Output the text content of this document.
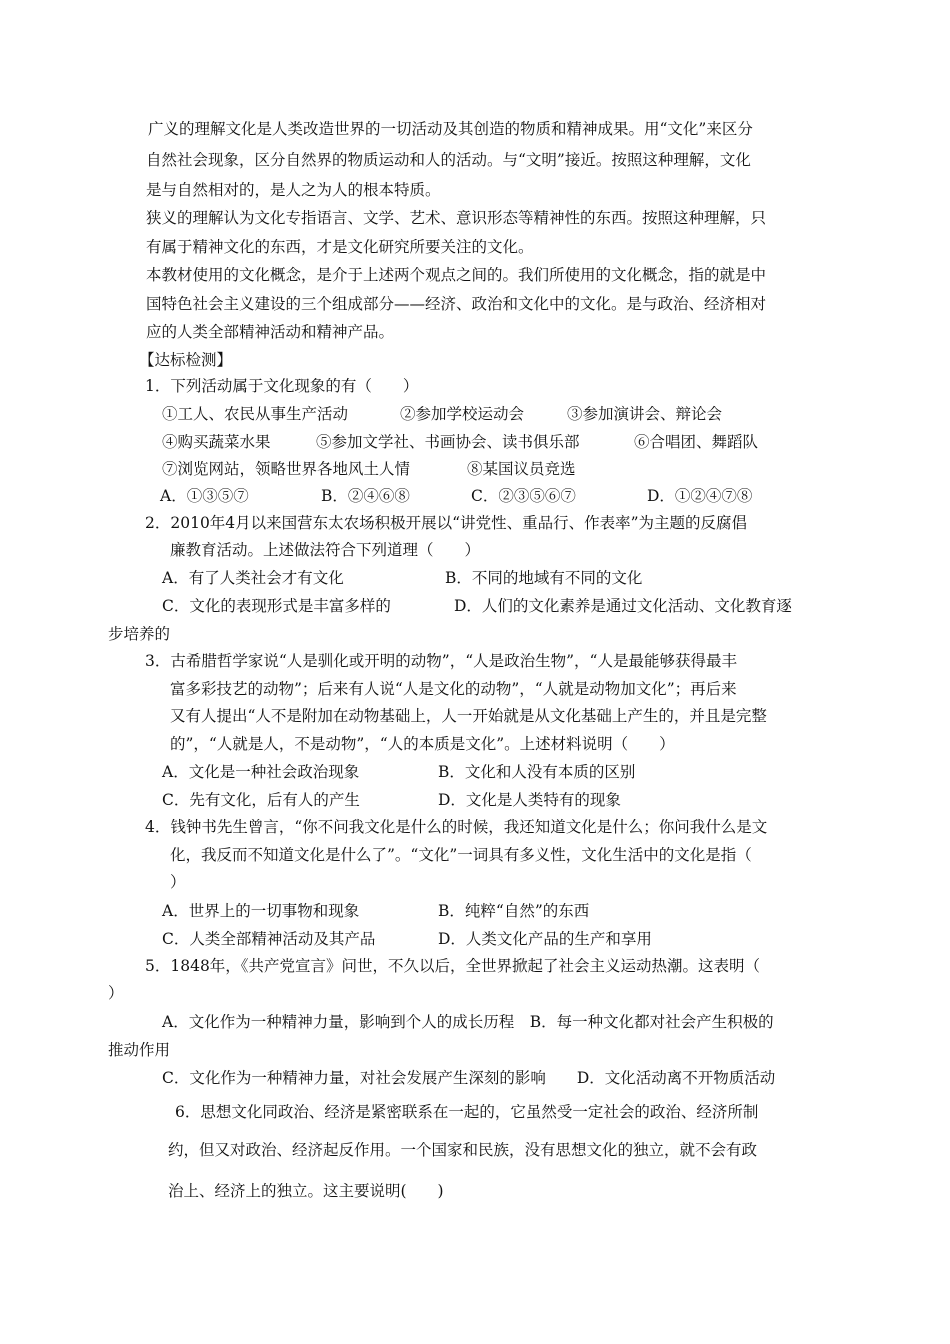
广义的理解文化是人类改造世界的一切活动及其创造的物质和精神成果。用“文化”来区分
自然社会现象，区分自然界的物质运动和人的活动。与“文明”接近。按照这种理解，文化
是与自然相对的，是人之为人的根本特质。
狭义的理解认为文化专指语言、文学、艺术、意识形态等精神性的东西。按照这种理解，只
有属于精神文化的东西，才是文化研究所要关注的文化。
本教材使用的文化概念，是介于上述两个观点之间的。我们所使用的文化概念，指的就是中
国特色社会主义建设的三个组成部分——经济、政治和文化中的文化。是与政治、经济相对
应的人类全部精神活动和精神产品。
【达标检测】
1．下列活动属于文化现象的有（　　）
①工人、农民从事生产活动	②参加学校运动会	③参加演讲会、辩论会
④购买蔬菜水果	⑤参加文学社、书画协会、读书俱乐部	⑥合唱团、舞蹈队
⑦浏览网站，领略世界各地风土人情	⑧某国议员竞选
A．①③⑤⑦	B．②④⑥⑧	C．②③⑤⑥⑦	D．①②④⑦⑧
2．2010年4月以来国营东太农场积极开展以“讲党性、重品行、作表率”为主题的反腐倡
廉教育活动。上述做法符合下列道理（　　）
A．有了人类社会才有文化	B．不同的地域有不同的文化
C．文化的表现形式是丰富多样的	D．人们的文化素养是通过文化活动、文化教育逐
步培养的
3．古希腊哲学家说“人是驯化或开明的动物”，“人是政治生物”，“人是最能够获得最丰
富多彩技艺的动物”；后来有人说“人是文化的动物”，“人就是动物加文化”；再后来
又有人提出“人不是附加在动物基础上，人一开始就是从文化基础上产生的，并且是完整
的”，“人就是人，不是动物”，“人的本质是文化”。上述材料说明（　　）
A．文化是一种社会政治现象	B．文化和人没有本质的区别
C．先有文化，后有人的产生	D．文化是人类特有的现象
4．钱钟书先生曾言，“你不问我文化是什么的时候，我还知道文化是什么；你问我什么是文
化，我反而不知道文化是什么了”。“文化”一词具有多义性，文化生活中的文化是指（
）
A．世界上的一切事物和现象	B．纯粹“自然”的东西
C．人类全部精神活动及其产品	D．人类文化产品的生产和享用
5．1848年，《共产党宣言》问世，不久以后，全世界掀起了社会主义运动热潮。这表明（
）
A．文化作为一种精神力量，影响到个人的成长历程　B．每一种文化都对社会产生积极的
推动作用
C．文化作为一种精神力量，对社会发展产生深刻的影响　　D．文化活动离不开物质活动
6．思想文化同政治、经济是紧密联系在一起的，它虽然受一定社会的政治、经济所制
约，但又对政治、经济起反作用。一个国家和民族，没有思想文化的独立，就不会有政
治上、经济上的独立。这主要说明(　　)
